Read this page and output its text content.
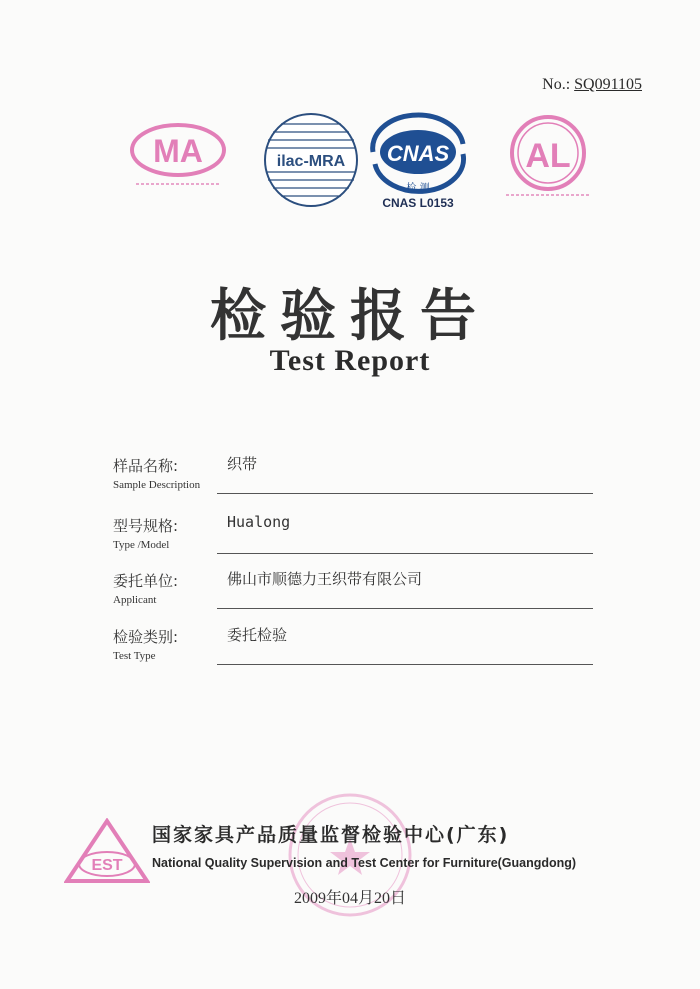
No.: SQ091105
MA	ilac-MRA CNAS
检 测
CNAS L0153
AL
检验报告
Test Report
样品名称:
Sample Description
织带
型号规格:
Type /Model
Hualong
委托单位:
Applicant
佛山市顺德力王织带有限公司
检验类别:
Test Type
委托检验
EST
国家家具产品质量监督检验中心(广东)
National Quality Supervision and Test Center for Furniture(Guangdong)
2009年04月20日
